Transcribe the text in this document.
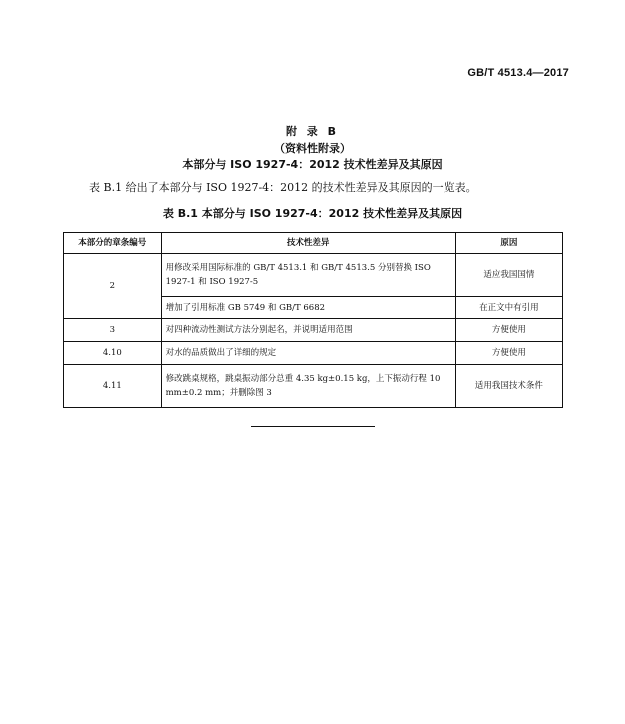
GB/T 4513.4—2017
附 录 B
（资料性附录）
本部分与 ISO 1927-4：2012 技术性差异及其原因
表 B.1 给出了本部分与 ISO 1927-4：2012 的技术性差异及其原因的一览表。
表 B.1 本部分与 ISO 1927-4：2012 技术性差异及其原因
本部分的章条编号	技术性差异	原因
2	用修改采用国际标准的 GB/T 4513.1 和 GB/T 4513.5 分别替换 ISO 1927-1 和 ISO 1927-5	适应我国国情
	增加了引用标准 GB 5749 和 GB/T 6682	在正文中有引用
3	对四种流动性测试方法分别起名，并说明适用范围	方便使用
4.10	对水的品质做出了详细的规定	方便使用
4.11	修改跳桌规格，跳桌振动部分总重 4.35 kg±0.15 kg，上下振动行程 10 mm±0.2 mm；并删除图 3	适用我国技术条件
